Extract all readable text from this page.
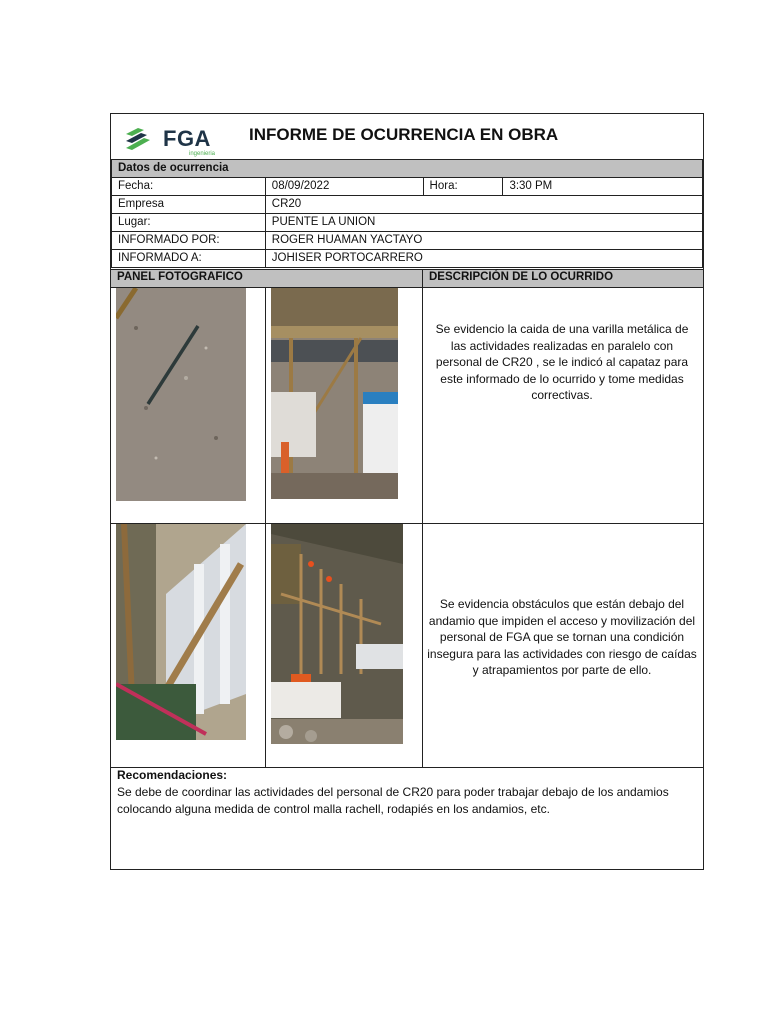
FGA
ingenieria
INFORME DE OCURRENCIA EN OBRA
Datos de ocurrencia			
Fecha:	08/09/2022	Hora:	3:30 PM
Empresa	CR20		
Lugar:	PUENTE LA UNION		
INFORMADO POR:	ROGER HUAMAN YACTAYO		
INFORMADO A:	JOHISER PORTOCARRERO		
PANEL FOTOGRAFICO	DESCRIPCIÓN DE LO OCURRIDO
Se evidencio la caida de una varilla metálica de las actividades realizadas en paralelo con personal de CR20 , se le indicó al capataz para este informado de lo ocurrido y tome medidas correctivas.
Se evidencia obstáculos que están debajo del andamio que impiden el acceso y movilización del personal de FGA que se tornan una condición insegura para las actividades con riesgo de caídas y atrapamientos por parte de ello.
Recomendaciones:
Se debe de coordinar las actividades del personal de CR20 para poder trabajar debajo de los andamios colocando alguna medida de control malla rachell, rodapiés en los andamios, etc.
